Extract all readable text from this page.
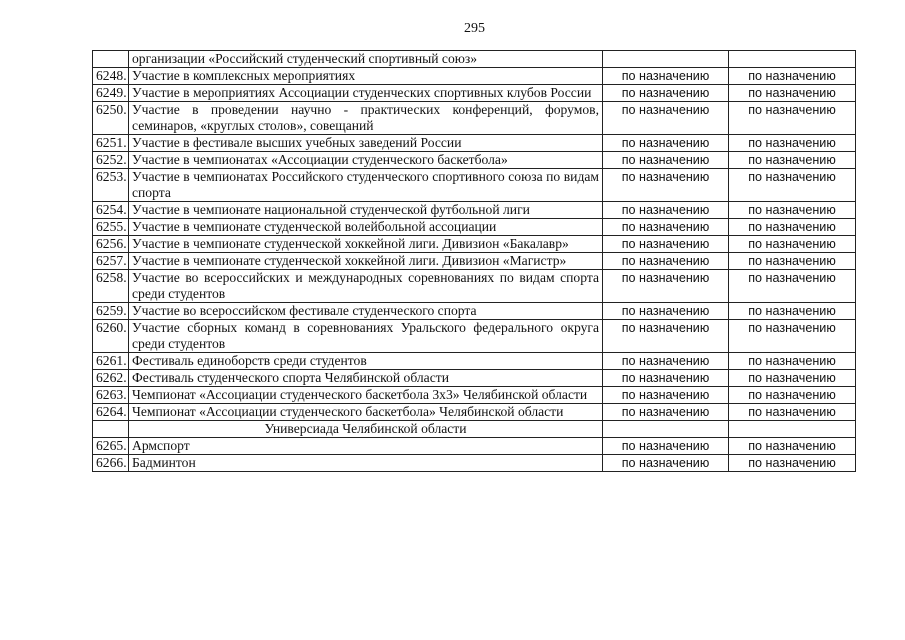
295
	организации «Российский студенческий спортивный союз»		
6248.	Участие в комплексных мероприятиях	по назначению	по назначению
6249.	Участие в мероприятиях Ассоциации студенческих спортивных клубов России	по назначению	по назначению
6250.	Участие в проведении научно - практических конференций, форумов, семинаров, «круглых столов», совещаний	по назначению	по назначению
6251.	Участие в фестивале высших учебных заведений России	по назначению	по назначению
6252.	Участие в чемпионатах «Ассоциации студенческого баскетбола»	по назначению	по назначению
6253.	Участие в чемпионатах Российского студенческого спортивного союза по видам спорта	по назначению	по назначению
6254.	Участие в чемпионате национальной студенческой футбольной лиги	по назначению	по назначению
6255.	Участие в чемпионате студенческой волейбольной ассоциации	по назначению	по назначению
6256.	Участие в чемпионате студенческой хоккейной лиги. Дивизион «Бакалавр»	по назначению	по назначению
6257.	Участие в чемпионате студенческой хоккейной лиги. Дивизион «Магистр»	по назначению	по назначению
6258.	Участие во всероссийских и международных соревнованиях по видам спорта среди студентов	по назначению	по назначению
6259.	Участие во всероссийском фестивале студенческого спорта	по назначению	по назначению
6260.	Участие сборных команд в соревнованиях Уральского федерального округа среди студентов	по назначению	по назначению
6261.	Фестиваль единоборств среди студентов	по назначению	по назначению
6262.	Фестиваль студенческого спорта Челябинской области	по назначению	по назначению
6263.	Чемпионат «Ассоциации студенческого баскетбола 3х3» Челябинской области	по назначению	по назначению
6264.	Чемпионат «Ассоциации студенческого баскетбола» Челябинской области	по назначению	по назначению
	Универсиада Челябинской области		
6265.	Армспорт	по назначению	по назначению
6266.	Бадминтон	по назначению	по назначению
